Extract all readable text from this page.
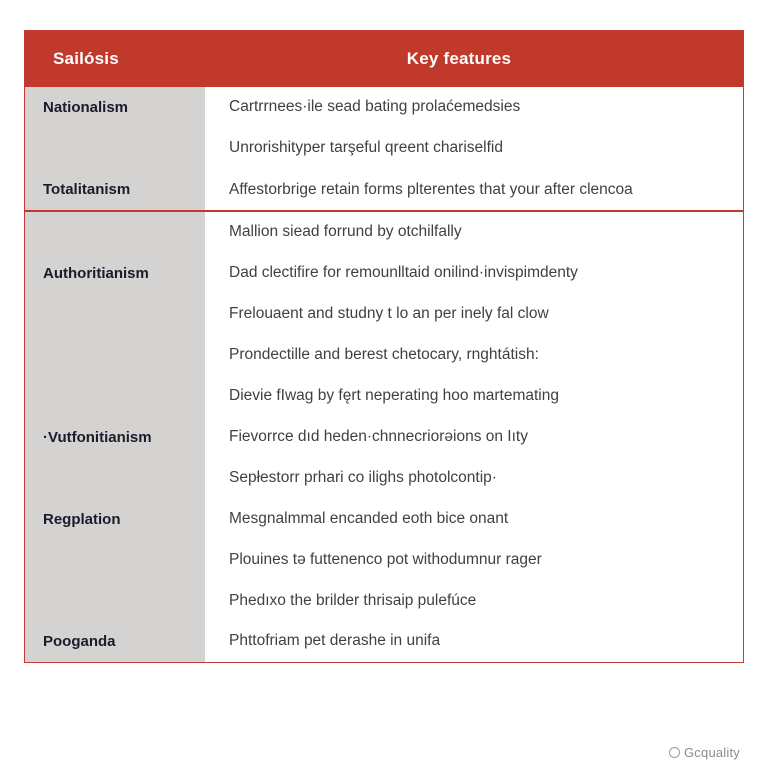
Sailósis	Key features
Nationalism	Cartrrnees·ile sead bating prolaćemedsies
Unrorishityper tarşeful qreent chariselfid
Totalitanism	Affestorbrige retain forms plterentes that your after clencoa
Mallion siead forrund by otchilfally
Authoritianism	Dad clectifire for remounlltaid onilind·invispimdenty
Frelouaent and studny t lo an per inely fal clow
Prondectille and berest chetocary, rnghtátish:
Dievie fIwag by fęrt neperating hoo martemating
·Vutfonitianism	Fievorrce dıd heden·chnnecriorəions on Iıty
Sepłestorr prhari co ilighs photolcontip·
Regplation	Mesgnalmmal encanded eoth bice onant
Plouines tə futtenenco pot withodumnur rager
Phedıxo the brilder thrisaip pulefúce
Poogandа	Phttofriam pet derashe in unifa
Gcquality
